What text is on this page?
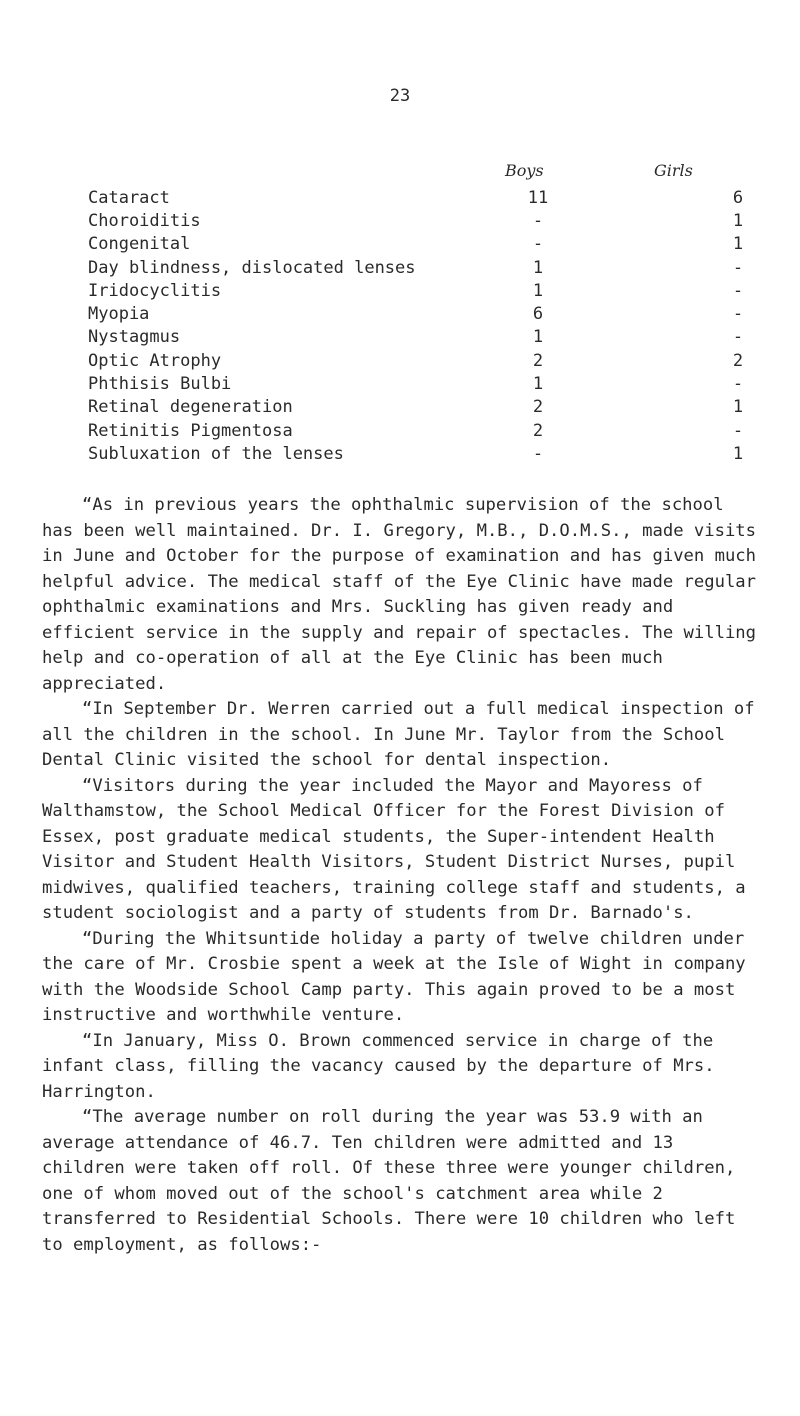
23
Boys	Girls
Cataract	11	6
Choroiditis	-	1
Congenital	-	1
Day blindness, dislocated lenses	1	-
Iridocyclitis	1	-
Myopia	6	-
Nystagmus	1	-
Optic Atrophy	2	2
Phthisis Bulbi	1	-
Retinal degeneration	2	1
Retinitis Pigmentosa	2	-
Subluxation of the lenses	-	1

“As in previous years the ophthalmic supervision of the school has been well maintained. Dr. I. Gregory, M.B., D.O.M.S., made visits in June and October for the purpose of examination and has given much helpful advice. The medical staff of the Eye Clinic have made regular ophthalmic examinations and Mrs. Suckling has given ready and efficient service in the supply and repair of spectacles. The willing help and co-operation of all at the Eye Clinic has been much appreciated.

“In September Dr. Werren carried out a full medical inspection of all the children in the school. In June Mr. Taylor from the School Dental Clinic visited the school for dental inspection.

“Visitors during the year included the Mayor and Mayoress of Walthamstow, the School Medical Officer for the Forest Division of Essex, post graduate medical students, the Super-intendent Health Visitor and Student Health Visitors, Student District Nurses, pupil midwives, qualified teachers, training college staff and students, a student sociologist and a party of students from Dr. Barnado's.

“During the Whitsuntide holiday a party of twelve children under the care of Mr. Crosbie spent a week at the Isle of Wight in company with the Woodside School Camp party. This again proved to be a most instructive and worthwhile venture.

“In January, Miss O. Brown commenced service in charge of the infant class, filling the vacancy caused by the departure of Mrs. Harrington.

“The average number on roll during the year was 53.9 with an average attendance of 46.7. Ten children were admitted and 13 children were taken off roll. Of these three were younger children, one of whom moved out of the school's catchment area while 2 transferred to Residential Schools. There were 10 children who left to employment, as follows:-
